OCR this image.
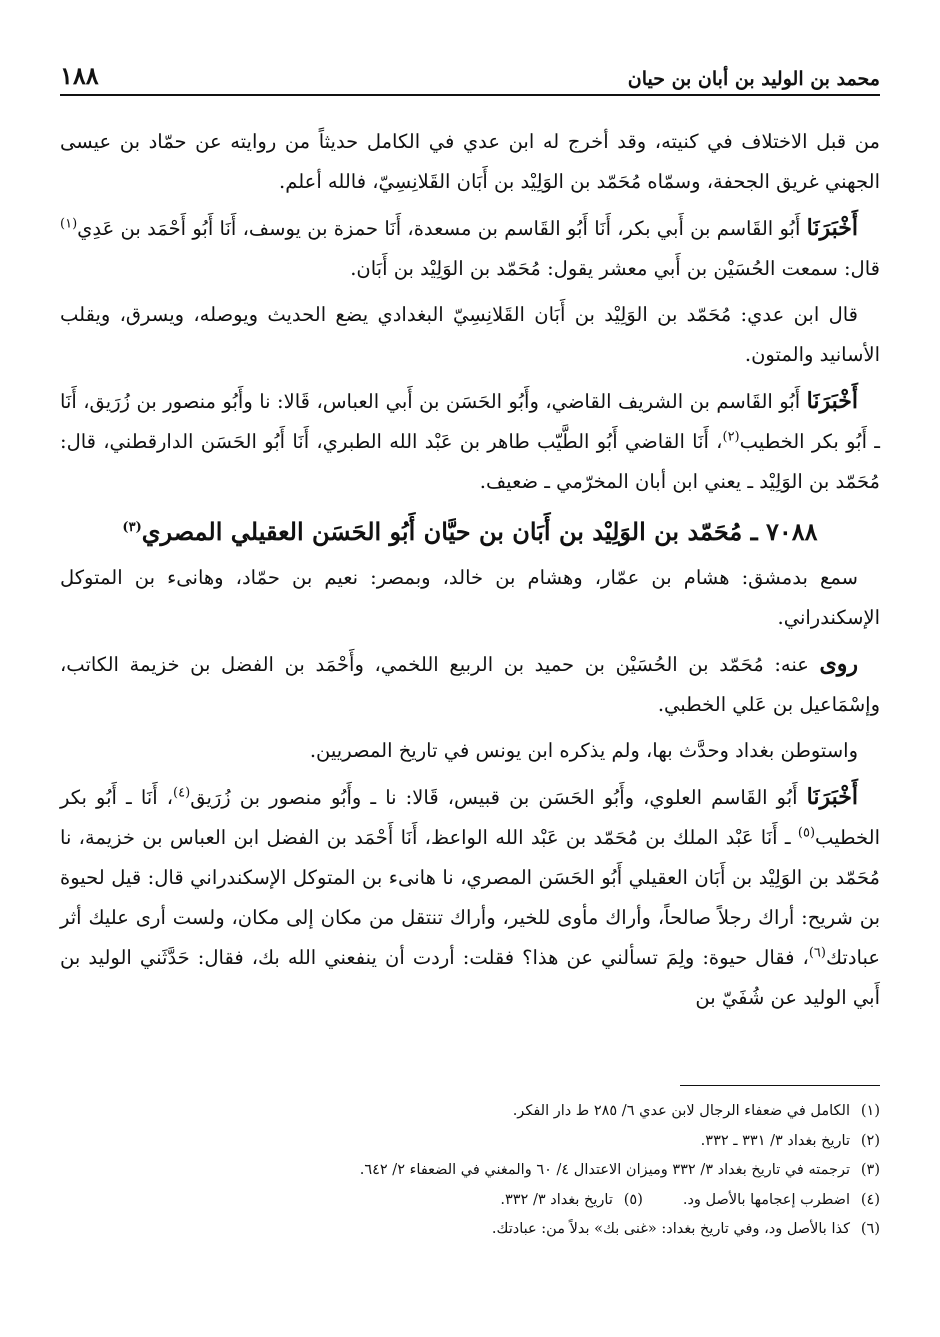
محمد بن الوليد بن أبان بن حيان
١٨٨

من قبل الاختلاف في كنيته، وقد أخرج له ابن عدي في الكامل حديثاً من روايته عن حمّاد بن عيسى الجهني غريق الجحفة، وسمّاه مُحَمّد بن الوَلِيْد بن أَبَان القَلانِسِيّ، فالله أعلم.

أَخْبَرَنَا أَبُو القَاسم بن أَبي بكر، أَنَا أَبُو القَاسم بن مسعدة، أَنَا حمزة بن يوسف، أَنَا أَبُو أَحْمَد بن عَدِي$^{(١)}$ قال: سمعت الحُسَيْن بن أَبي معشر يقول: مُحَمّد بن الوَلِيْد بن أَبَان.

قال ابن عدي: مُحَمّد بن الوَلِيْد بن أَبَان القَلانِسِيّ البغدادي يضع الحديث ويوصله، ويسرق، ويقلب الأسانيد والمتون.

أَخْبَرَنَا أَبُو القَاسم بن الشريف القاضي، وأَبُو الحَسَن بن أَبي العباس، قَالا: نا وأَبُو منصور بن زُرَيق، أَنَا ـ أَبُو بكر الخطيب$^{(٢)}$، أَنَا القاضي أَبُو الطَّيّب طاهر بن عَبْد الله الطبري، أَنَا أَبُو الحَسَن الدارقطني، قال: مُحَمّد بن الوَلِيْد ـ يعني ابن أبان المخرّمي ـ ضعيف.

٧٠٨٨ ـ مُحَمّد بن الوَلِيْد بن أَبَان بن حيَّان أَبُو الحَسَن العقيلي المصري$^{(٣)}$

سمع بدمشق: هشام بن عمّار، وهشام بن خالد، وبمصر: نعيم بن حمّاد، وهانىء بن المتوكل الإسكندراني.

روى عنه: مُحَمّد بن الحُسَيْن بن حميد بن الربيع اللخمي، وأَحْمَد بن الفضل بن خزيمة الكاتب، وإسْمَاعيل بن عَلي الخطبي.

واستوطن بغداد وحدَّث بها، ولم يذكره ابن يونس في تاريخ المصريين.

أَخْبَرَنَا أَبُو القَاسم العلوي، وأَبُو الحَسَن بن قبيس، قَالا: نا ـ وأَبُو منصور بن زُرَيق$^{(٤)}$، أَنَا ـ أَبُو بكر الخطيب$^{(٥)}$ ـ أَنَا عَبْد الملك بن مُحَمّد بن عَبْد الله الواعظ، أَنَا أَحْمَد بن الفضل ابن العباس بن خزيمة، نا مُحَمّد بن الوَلِيْد بن أَبَان العقيلي أَبُو الحَسَن المصري، نا هانىء بن المتوكل الإسكندراني قال: قيل لحيوة بن شريح: أراك رجلاً صالحاً، وأراك مأوى للخير، وأراك تنتقل من مكان إلى مكان، ولست أرى عليك أثر عبادتك$^{(٦)}$، فقال حيوة: ولِمَ تسألني عن هذا؟ فقلت: أردت أن ينفعني الله بك، فقال: حَدَّثَني الوليد بن أَبي الوليد عن شُفَيّ بن

(١)
الكامل في ضعفاء الرجال لابن عدي ٦/ ٢٨٥ ط دار الفكر.
(٢)
تاريخ بغداد ٣/ ٣٣١ ـ ٣٣٢.
(٣)
ترجمته في تاريخ بغداد ٣/ ٣٣٢ وميزان الاعتدال ٤/ ٦٠ والمغني في الضعفاء ٢/ ٦٤٢.
(٤)
اضطرب إعجامها بالأصل ود.
(٥)
تاريخ بغداد ٣/ ٣٣٢.
(٦)
كذا بالأصل ود، وفي تاريخ بغداد: «غنى بك» بدلاً من: عبادتك.
